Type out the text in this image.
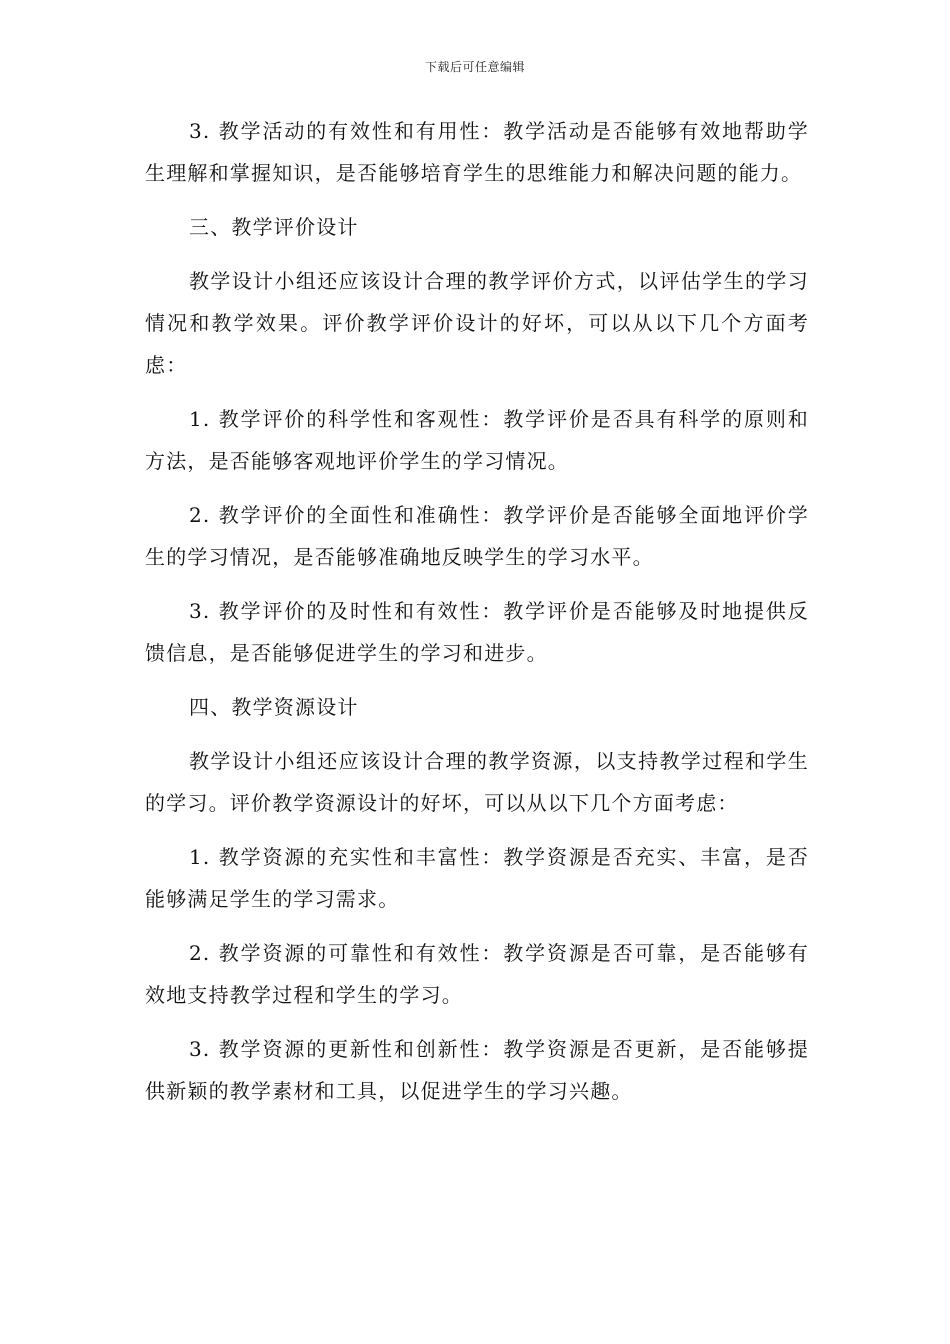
下载后可任意编辑

3. 教学活动的有效性和有用性：教学活动是否能够有效地帮助学生理解和掌握知识，是否能够培育学生的思维能力和解决问题的能力。

三、教学评价设计

教学设计小组还应该设计合理的教学评价方式，以评估学生的学习情况和教学效果。评价教学评价设计的好坏，可以从以下几个方面考虑：

1. 教学评价的科学性和客观性：教学评价是否具有科学的原则和方法，是否能够客观地评价学生的学习情况。

2. 教学评价的全面性和准确性：教学评价是否能够全面地评价学生的学习情况，是否能够准确地反映学生的学习水平。

3. 教学评价的及时性和有效性：教学评价是否能够及时地提供反馈信息，是否能够促进学生的学习和进步。

四、教学资源设计

教学设计小组还应该设计合理的教学资源，以支持教学过程和学生的学习。评价教学资源设计的好坏，可以从以下几个方面考虑：

1. 教学资源的充实性和丰富性：教学资源是否充实、丰富，是否能够满足学生的学习需求。

2. 教学资源的可靠性和有效性：教学资源是否可靠，是否能够有效地支持教学过程和学生的学习。

3. 教学资源的更新性和创新性：教学资源是否更新，是否能够提供新颖的教学素材和工具，以促进学生的学习兴趣。
